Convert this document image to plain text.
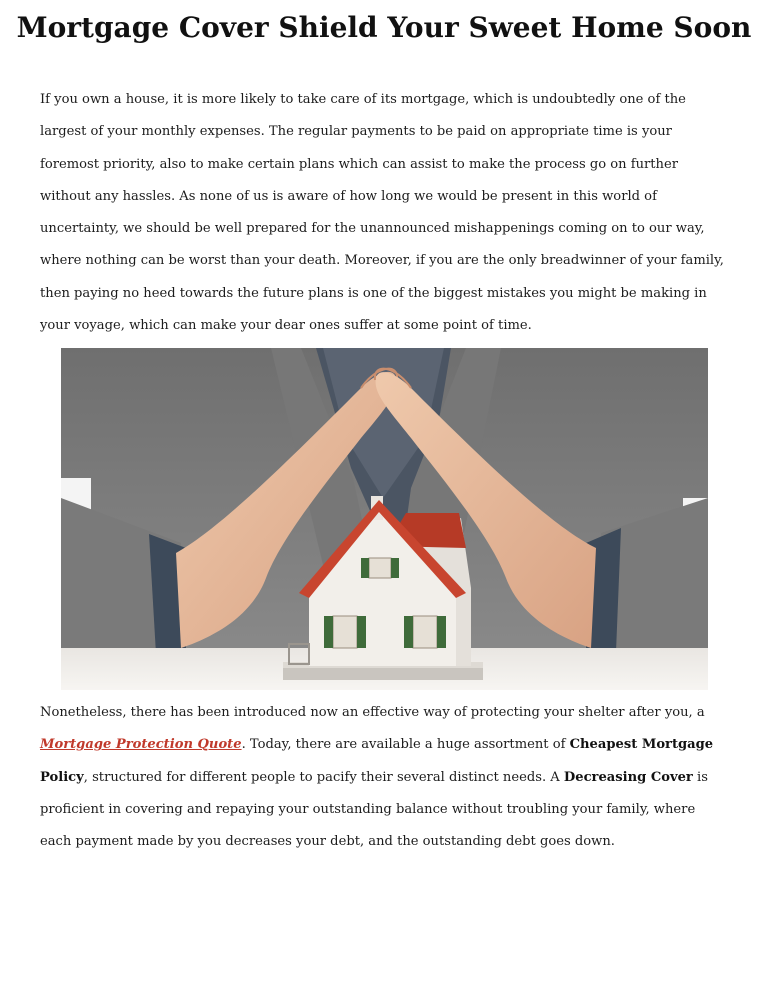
Mortgage Cover Shield Your Sweet Home Soon

If you own a house, it is more likely to take care of its mortgage, which is undoubtedly one of the largest of your monthly expenses. The regular payments to be paid on appropriate time is your foremost priority, also to make certain plans which can assist to make the process go on further without any hassles. As none of us is aware of how long we would be present in this world of uncertainty, we should be well prepared for the unannounced mishappenings coming on to our way, where nothing can be worst than your death. Moreover, if you are the only breadwinner of your family, then paying no heed towards the future plans is one of the biggest mistakes you might be making in your voyage, which can make your dear ones suffer at some point of time.

Nonetheless, there has been introduced now an effective way of protecting your shelter after you, a Mortgage Protection Quote. Today, there are available a huge assortment of Cheapest Mortgage Policy, structured for different people to pacify their several distinct needs. A Decreasing Cover is proficient in covering and repaying your outstanding balance without troubling your family, where each payment made by you decreases your debt, and the outstanding debt goes down.
